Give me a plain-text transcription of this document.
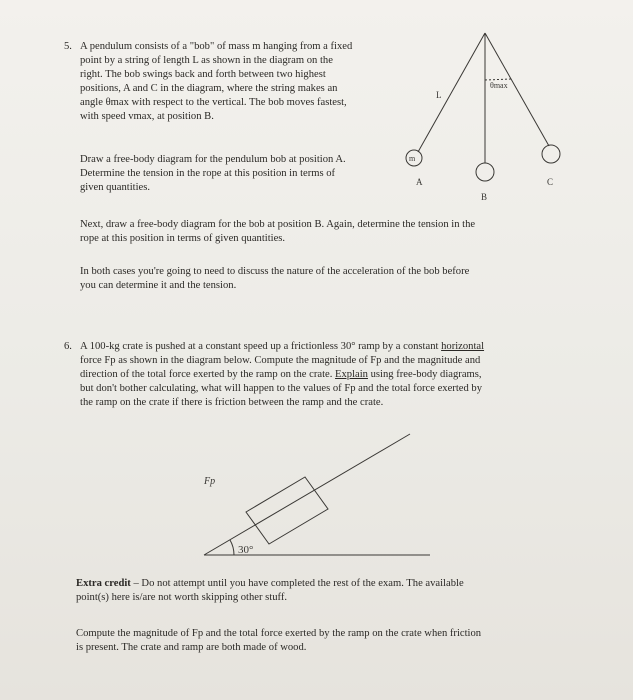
5. A pendulum consists of a "bob" of mass m hanging from a fixed

point by a string of length L as shown in the diagram on the

right. The bob swings back and forth between two highest

positions, A and C in the diagram, where the string makes an

angle θmax with respect to the vertical. The bob moves fastest,

with speed vmax, at position B.

Draw a free-body diagram for the pendulum bob at position A.

Determine the tension in the rope at this position in terms of

given quantities.

Next, draw a free-body diagram for the bob at position B. Again, determine the tension in the

rope at this position in terms of given quantities.

In both cases you're going to need to discuss the nature of the acceleration of the bob before

you can determine it and the tension.

6. A 100-kg crate is pushed at a constant speed up a frictionless 30° ramp by a constant horizontal

force Fp as shown in the diagram below. Compute the magnitude of Fp and the magnitude and

direction of the total force exerted by the ramp on the crate. Explain using free-body diagrams,

but don't bother calculating, what will happen to the values of Fp and the total force exerted by

the ramp on the crate if there is friction between the ramp and the crate.

Extra credit – Do not attempt until you have completed the rest of the exam. The available

point(s) here is/are not worth skipping other stuff.

Compute the magnitude of Fp and the total force exerted by the ramp on the crate when friction

is present. The crate and ramp are both made of wood.

L
θmax
m
A
B
C
Fp
30°
